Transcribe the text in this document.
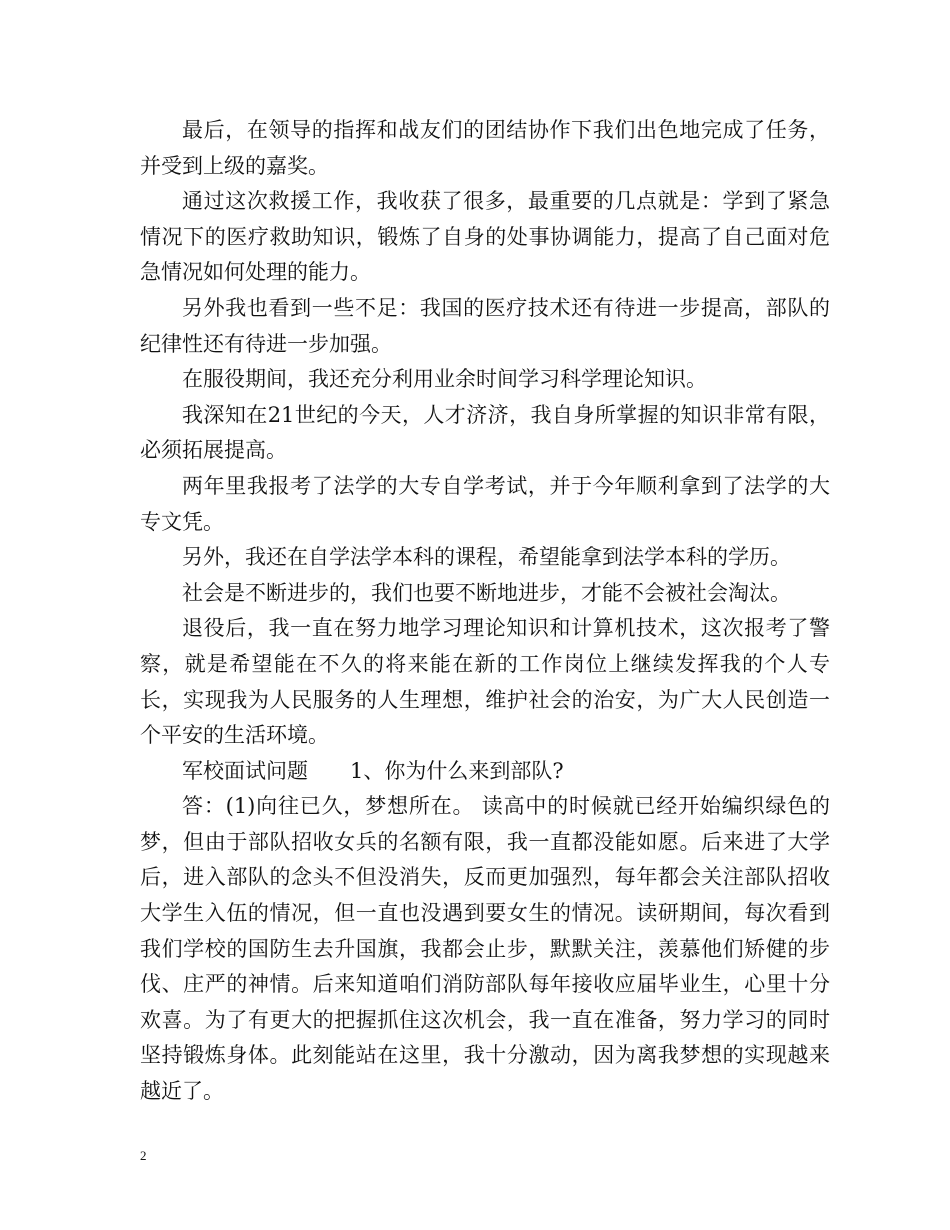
最后，在领导的指挥和战友们的团结协作下我们出色地完成了任务，并受到上级的嘉奖。

通过这次救援工作，我收获了很多，最重要的几点就是：学到了紧急情况下的医疗救助知识，锻炼了自身的处事协调能力，提高了自己面对危急情况如何处理的能力。

另外我也看到一些不足：我国的医疗技术还有待进一步提高，部队的纪律性还有待进一步加强。

在服役期间，我还充分利用业余时间学习科学理论知识。

我深知在21世纪的今天，人才济济，我自身所掌握的知识非常有限，必须拓展提高。

两年里我报考了法学的大专自学考试，并于今年顺利拿到了法学的大专文凭。

另外，我还在自学法学本科的课程，希望能拿到法学本科的学历。

社会是不断进步的，我们也要不断地进步，才能不会被社会淘汰。

退役后，我一直在努力地学习理论知识和计算机技术，这次报考了警察，就是希望能在不久的将来能在新的工作岗位上继续发挥我的个人专长，实现我为人民服务的人生理想，维护社会的治安，为广大人民创造一个平安的生活环境。

军校面试问题　　1、你为什么来到部队?

答：(1)向往已久，梦想所在。 读高中的时候就已经开始编织绿色的梦，但由于部队招收女兵的名额有限，我一直都没能如愿。后来进了大学后，进入部队的念头不但没消失，反而更加强烈，每年都会关注部队招收大学生入伍的情况，但一直也没遇到要女生的情况。读研期间，每次看到我们学校的国防生去升国旗，我都会止步，默默关注，羡慕他们矫健的步伐、庄严的神情。后来知道咱们消防部队每年接收应届毕业生，心里十分欢喜。为了有更大的把握抓住这次机会，我一直在准备，努力学习的同时坚持锻炼身体。此刻能站在这里，我十分激动，因为离我梦想的实现越来越近了。

2
